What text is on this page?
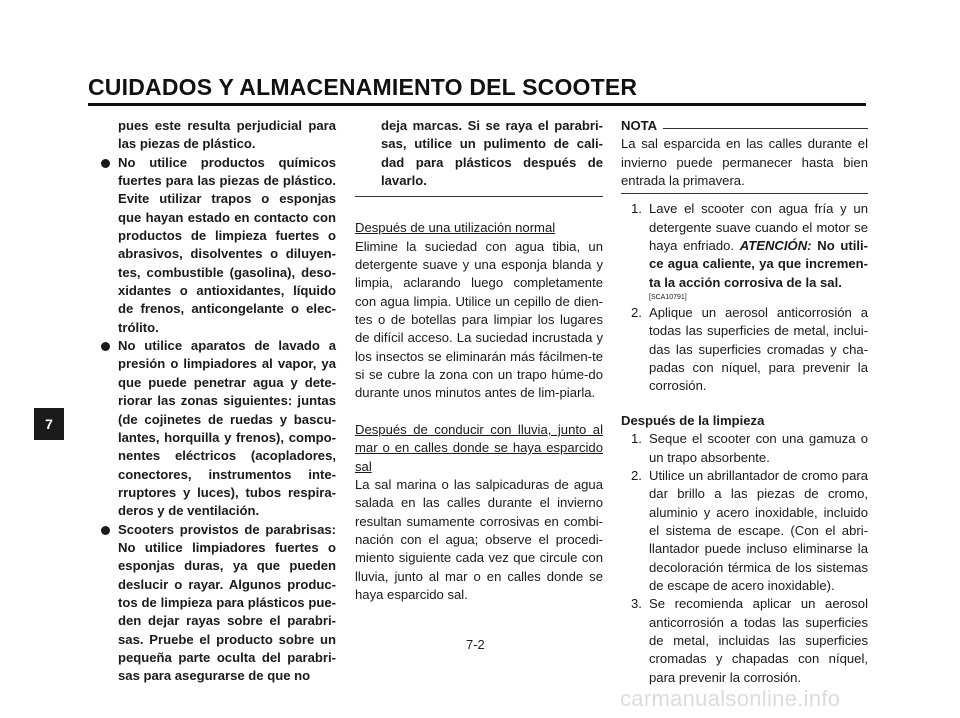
CUIDADOS Y ALMACENAMIENTO DEL SCOOTER
7
pues este resulta perjudicial para las piezas de plástico.
No utilice productos químicos fuertes para las piezas de plástico. Evite utilizar trapos o esponjas que hayan estado en contacto con productos de limpieza fuertes o abrasivos, disolventes o diluyen-tes, combustible (gasolina), deso-xidantes o antioxidantes, líquido de frenos, anticongelante o elec-trólito.
No utilice aparatos de lavado a presión o limpiadores al vapor, ya que puede penetrar agua y dete-riorar las zonas siguientes: juntas (de cojinetes de ruedas y bascu-lantes, horquilla y frenos), compo-nentes eléctricos (acopladores, conectores, instrumentos inte-rruptores y luces), tubos respira-deros y de ventilación.
Scooters provistos de parabrisas: No utilice limpiadores fuertes o esponjas duras, ya que pueden deslucir o rayar. Algunos produc-tos de limpieza para plásticos pue-den dejar rayas sobre el parabri-sas. Pruebe el producto sobre un pequeña parte oculta del parabri-sas para asegurarse de que no
deja marcas. Si se raya el parabri-sas, utilice un pulimento de cali-dad para plásticos después de lavarlo.
Después de una utilización normal
Elimine la suciedad con agua tibia, un detergente suave y una esponja blanda y limpia, aclarando luego completamente con agua limpia. Utilice un cepillo de dien-tes o de botellas para limpiar los lugares de difícil acceso. La suciedad incrustada y los insectos se eliminarán más fácilmen-te si se cubre la zona con un trapo húme-do durante unos minutos antes de lim-piarla.
Después de conducir con lluvia, junto al mar o en calles donde se haya esparcido sal
La sal marina o las salpicaduras de agua salada en las calles durante el invierno resultan sumamente corrosivas en combi-nación con el agua; observe el procedi-miento siguiente cada vez que circule con lluvia, junto al mar o en calles donde se haya esparcido sal.
NOTA
La sal esparcida en las calles durante el invierno puede permanecer hasta bien entrada la primavera.
1. Lave el scooter con agua fría y un detergente suave cuando el motor se haya enfriado. ATENCIÓN: No utili-ce agua caliente, ya que incremen-ta la acción corrosiva de la sal.
[SCA10791]
2. Aplique un aerosol anticorrosión a todas las superficies de metal, inclui-das las superficies cromadas y cha-padas con níquel, para prevenir la corrosión.
Después de la limpieza
1. Seque el scooter con una gamuza o un trapo absorbente.
2. Utilice un abrillantador de cromo para dar brillo a las piezas de cromo, aluminio y acero inoxidable, incluido el sistema de escape. (Con el abri-llantador puede incluso eliminarse la decoloración térmica de los sistemas de escape de acero inoxidable).
3. Se recomienda aplicar un aerosol anticorrosión a todas las superficies de metal, incluidas las superficies cromadas y chapadas con níquel, para prevenir la corrosión.
7-2
carmanualsonline.info
